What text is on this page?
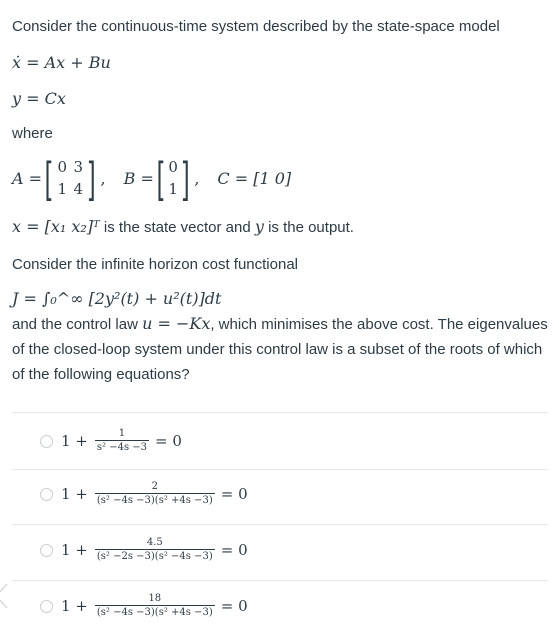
Consider the continuous-time system described by the state-space model
ẋ = Ax + Bu
y = Cx
where
A = [ 0 3
1 4 ] , B = [ 0
1 ] , C = [1 0]
x = [x₁ x₂]ᵀ is the state vector and y is the output.
Consider the infinite horizon cost functional
J = ∫₀^∞ [2y²(t) + u²(t)]dt
and the control law u = −Kx, which minimises the above cost. The eigenvalues of the closed-loop system under this control law is a subset of the roots of which of the following equations?
$1 + \frac{1}{\text{s² −4s −3}} = 0$
$1 + \frac{2}{\text{(s² −4s −3)(s² +4s −3)}} = 0$
$1 + \frac{4.5}{\text{(s² −2s −3)(s² −4s −3)}} = 0$
$1 + \frac{18}{\text{(s² −4s −3)(s² +4s −3)}} = 0$
